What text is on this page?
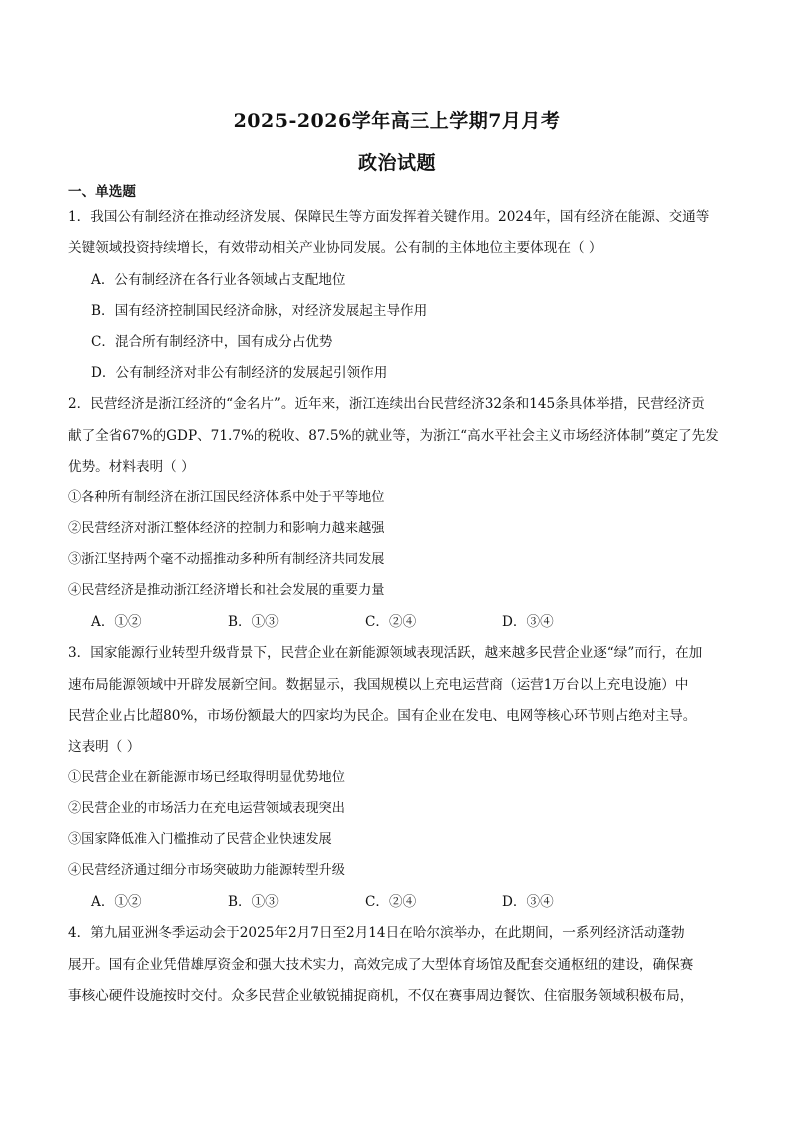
2025-2026学年高三上学期7月月考
政治试题
一、单选题
1．我国公有制经济在推动经济发展、保障民生等方面发挥着关键作用。2024年，国有经济在能源、交通等
关键领域投资持续增长，有效带动相关产业协同发展。公有制的主体地位主要体现在（ ）
A．公有制经济在各行业各领域占支配地位
B．国有经济控制国民经济命脉，对经济发展起主导作用
C．混合所有制经济中，国有成分占优势
D．公有制经济对非公有制经济的发展起引领作用
2．民营经济是浙江经济的“金名片”。近年来，浙江连续出台民营经济32条和145条具体举措，民营经济贡
献了全省67%的GDP、71.7%的税收、87.5%的就业等，为浙江“高水平社会主义市场经济体制”奠定了先发
优势。材料表明（ ）
①各种所有制经济在浙江国民经济体系中处于平等地位
②民营经济对浙江整体经济的控制力和影响力越来越强
③浙江坚持两个毫不动摇推动多种所有制经济共同发展
④民营经济是推动浙江经济增长和社会发展的重要力量
A．①②	B．①③	C．②④	D．③④
3．国家能源行业转型升级背景下，民营企业在新能源领域表现活跃，越来越多民营企业逐“绿”而行，在加
速布局能源领域中开辟发展新空间。数据显示，我国规模以上充电运营商（运营1万台以上充电设施）中
民营企业占比超80%，市场份额最大的四家均为民企。国有企业在发电、电网等核心环节则占绝对主导。
这表明（ ）
①民营企业在新能源市场已经取得明显优势地位
②民营企业的市场活力在充电运营领域表现突出
③国家降低准入门槛推动了民营企业快速发展
④民营经济通过细分市场突破助力能源转型升级
A．①②	B．①③	C．②④	D．③④
4．第九届亚洲冬季运动会于2025年2月7日至2月14日在哈尔滨举办，在此期间，一系列经济活动蓬勃
展开。国有企业凭借雄厚资金和强大技术实力，高效完成了大型体育场馆及配套交通枢纽的建设，确保赛
事核心硬件设施按时交付。众多民营企业敏锐捕捉商机，不仅在赛事周边餐饮、住宿服务领域积极布局，
